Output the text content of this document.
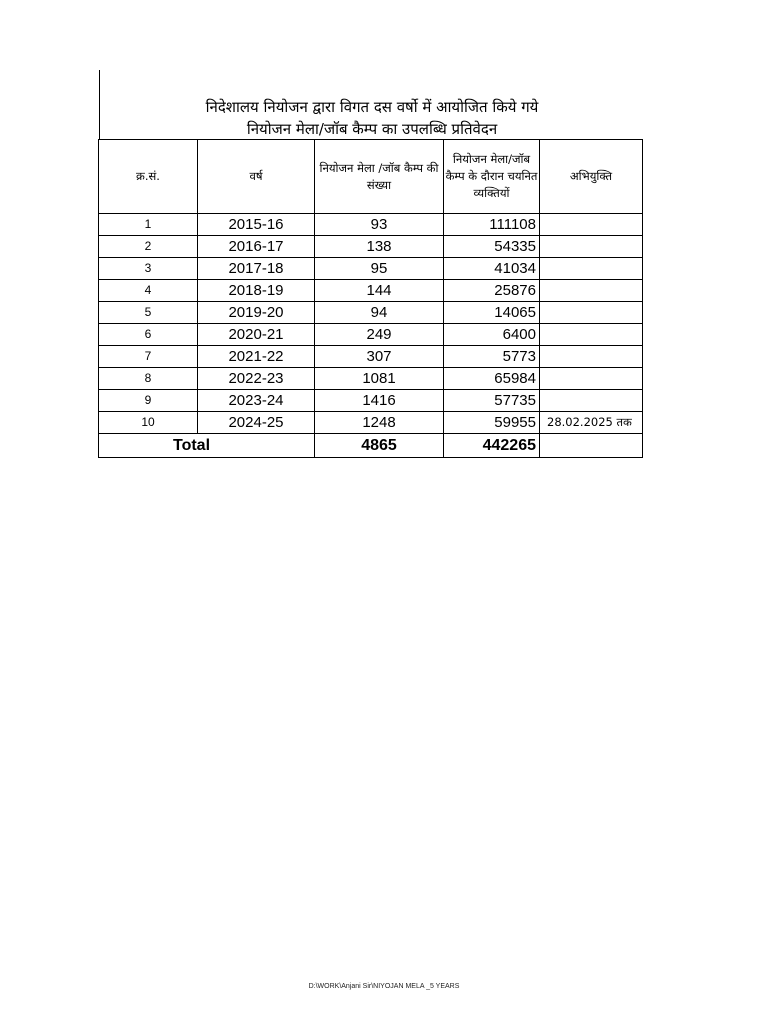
निदेशालय नियोजन द्वारा विगत दस वर्षो में आयोजित किये गये
नियोजन मेला/जॉब कैम्प का उपलब्धि प्रतिवेदन
क्र.सं.	वर्ष	नियोजन मेला /जॉब कैम्प की संख्या	नियोजन मेला/जॉब कैम्प के दौरान चयनित व्यक्तियों	अभियुक्ति
1	2015-16	93	111108	
2	2016-17	138	54335	
3	2017-18	95	41034	
4	2018-19	144	25876	
5	2019-20	94	14065	
6	2020-21	249	6400	
7	2021-22	307	5773	
8	2022-23	1081	65984	
9	2023-24	1416	57735	
10	2024-25	1248	59955	28.02.2025 तक
Total		4865	442265	
D:\WORK\Anjani Sir\NIYOJAN MELA _5 YEARS
